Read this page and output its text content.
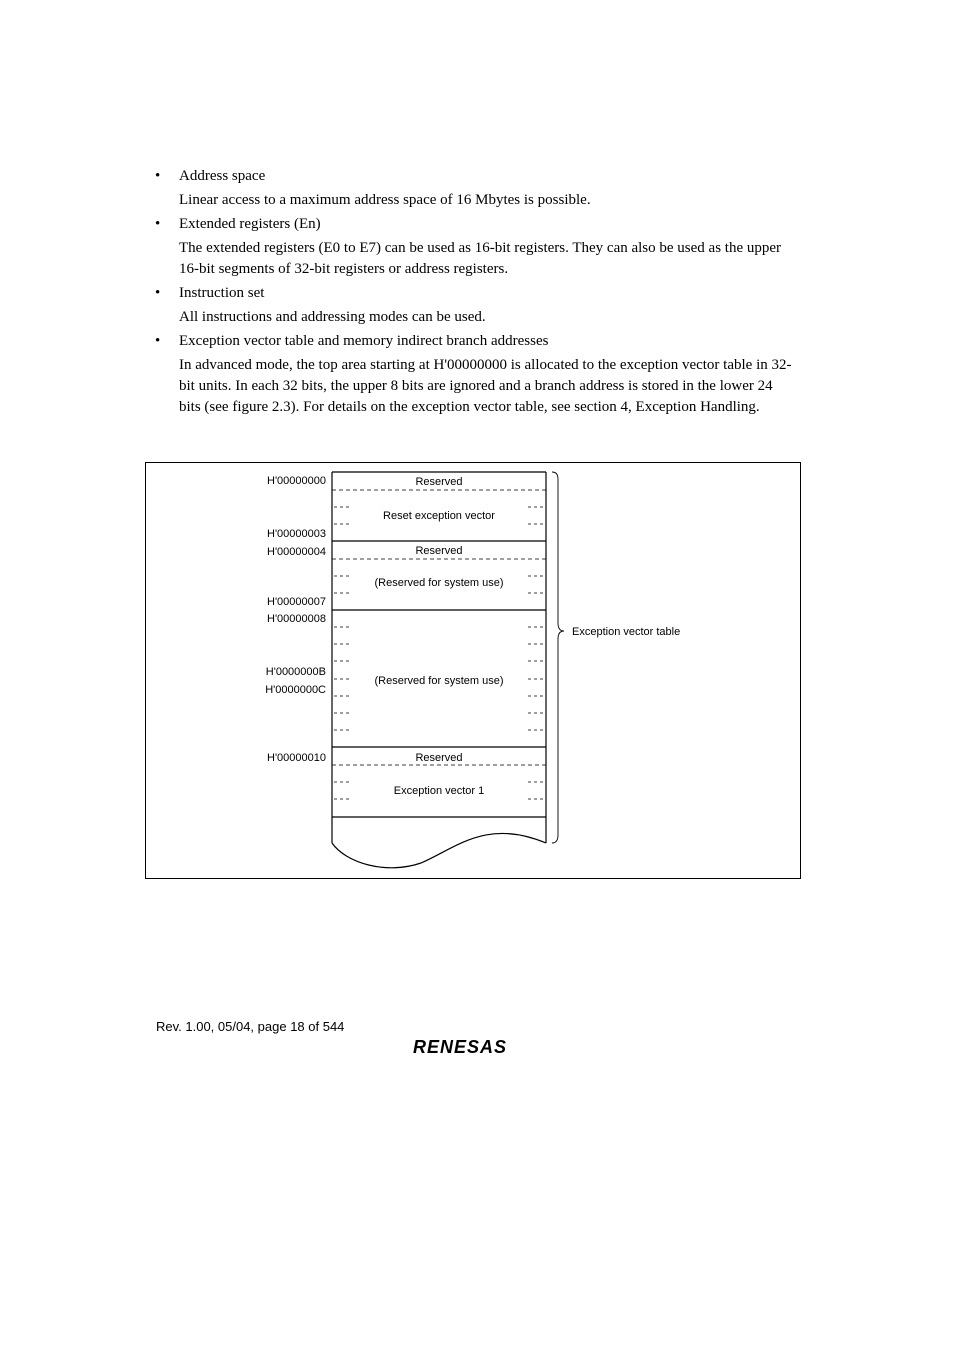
• Address space
Linear access to a maximum address space of 16 Mbytes is possible.
• Extended registers (En)
The extended registers (E0 to E7) can be used as 16-bit registers. They can also be used as the upper 16-bit segments of 32-bit registers or address registers.
• Instruction set
All instructions and addressing modes can be used.
• Exception vector table and memory indirect branch addresses
In advanced mode, the top area starting at H'00000000 is allocated to the exception vector table in 32-bit units. In each 32 bits, the upper 8 bits are ignored and a branch address is stored in the lower 24 bits (see figure 2.3). For details on the exception vector table, see section 4, Exception Handling.
H'00000000
H'00000003
H'00000004
H'00000007
H'00000008
H'0000000B
H'0000000C
H'00000010
Reserved
Reset exception vector
Reserved
(Reserved for system use)
(Reserved for system use)
Reserved
Exception vector 1
Exception vector table
Rev. 1.00, 05/04, page 18 of 544
RENESAS
